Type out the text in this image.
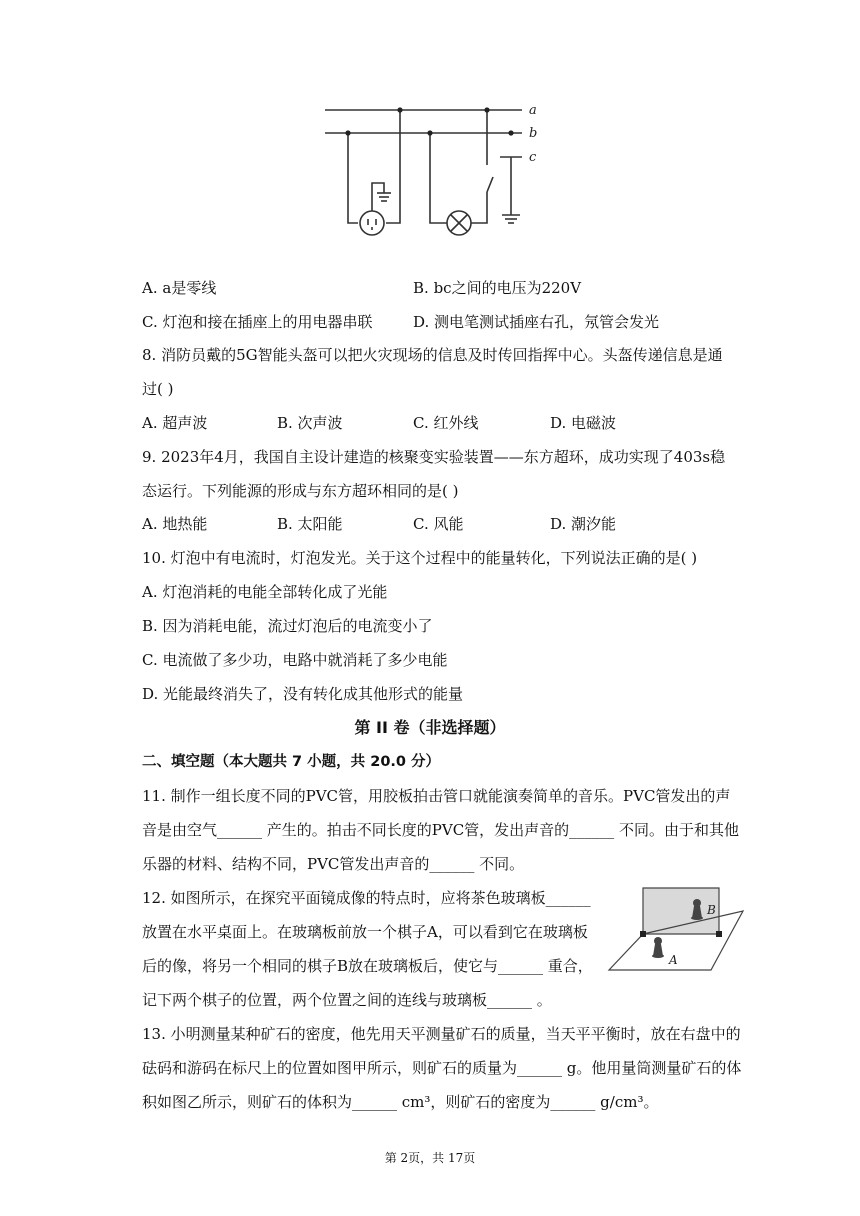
a
b
c
A. a是零线	B. bc之间的电压为220V
C. 灯泡和接在插座上的用电器串联	D. 测电笔测试插座右孔，氖管会发光
8. 消防员戴的5G智能头盔可以把火灾现场的信息及时传回指挥中心。头盔传递信息是通
过( )
A. 超声波	B. 次声波	C. 红外线	D. 电磁波
9. 2023年4月，我国自主设计建造的核聚变实验装置——东方超环，成功实现了403s稳
态运行。下列能源的形成与东方超环相同的是( )
A. 地热能	B. 太阳能	C. 风能	D. 潮汐能
10. 灯泡中有电流时，灯泡发光。关于这个过程中的能量转化，下列说法正确的是( )
A. 灯泡消耗的电能全部转化成了光能
B. 因为消耗电能，流过灯泡后的电流变小了
C. 电流做了多少功，电路中就消耗了多少电能
D. 光能最终消失了，没有转化成其他形式的能量
第 II 卷（非选择题）
二、填空题（本大题共 7 小题，共 20.0 分）
11. 制作一组长度不同的PVC管，用胶板拍击管口就能演奏简单的音乐。PVC管发出的声
音是由空气______ 产生的。拍击不同长度的PVC管，发出声音的______ 不同。由于和其他
乐器的材料、结构不同，PVC管发出声音的______ 不同。
12. 如图所示，在探究平面镜成像的特点时，应将茶色玻璃板______
放置在水平桌面上。在玻璃板前放一个棋子A，可以看到它在玻璃板
后的像，将另一个相同的棋子B放在玻璃板后，使它与______ 重合，
记下两个棋子的位置，两个位置之间的连线与玻璃板______ 。
B
A
13. 小明测量某种矿石的密度，他先用天平测量矿石的质量，当天平平衡时，放在右盘中的
砝码和游码在标尺上的位置如图甲所示，则矿石的质量为______ g。他用量筒测量矿石的体
积如图乙所示，则矿石的体积为______ cm³，则矿石的密度为______ g/cm³。
第 2页，共 17页
